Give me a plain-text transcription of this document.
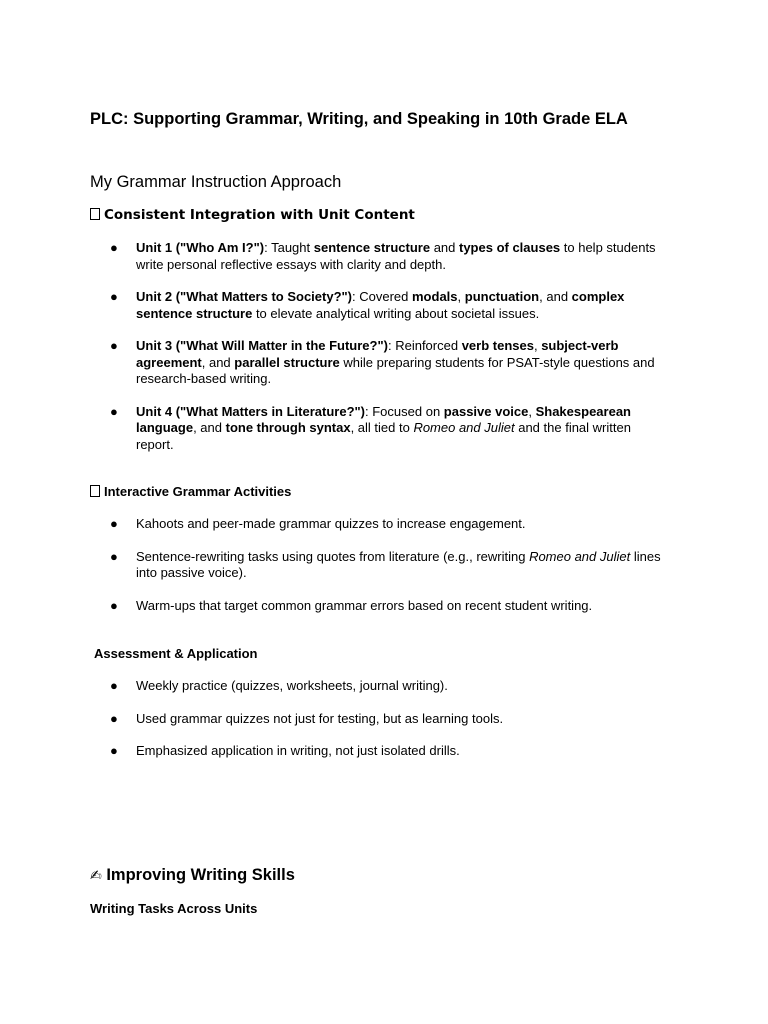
PLC: Supporting Grammar, Writing, and Speaking in 10th Grade ELA
My Grammar Instruction Approach
Consistent Integration with Unit Content
● Unit 1 ("Who Am I?"): Taught sentence structure and types of clauses to help students write personal reflective essays with clarity and depth.
● Unit 2 ("What Matters to Society?"): Covered modals, punctuation, and complex sentence structure to elevate analytical writing about societal issues.
● Unit 3 ("What Will Matter in the Future?"): Reinforced verb tenses, subject-verb agreement, and parallel structure while preparing students for PSAT-style questions and research-based writing.
● Unit 4 ("What Matters in Literature?"): Focused on passive voice, Shakespearean language, and tone through syntax, all tied to Romeo and Juliet and the final written report.
Interactive Grammar Activities
● Kahoots and peer-made grammar quizzes to increase engagement.
● Sentence-rewriting tasks using quotes from literature (e.g., rewriting Romeo and Juliet lines into passive voice).
● Warm-ups that target common grammar errors based on recent student writing.
Assessment & Application
● Weekly practice (quizzes, worksheets, journal writing).
● Used grammar quizzes not just for testing, but as learning tools.
● Emphasized application in writing, not just isolated drills.
✍ Improving Writing Skills
Writing Tasks Across Units
